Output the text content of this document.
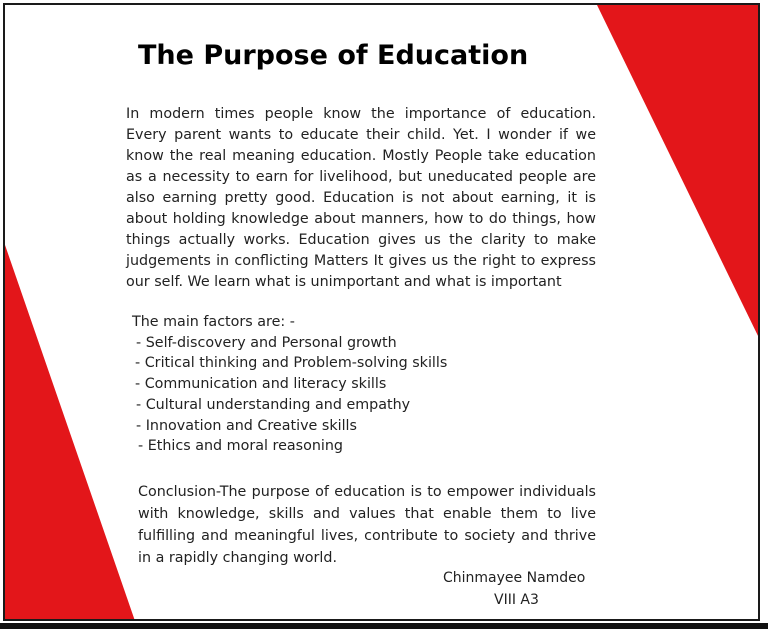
The Purpose of Education
In modern times people know the importance of education. Every parent wants to educate their child. Yet. I wonder if we know the real meaning education. Mostly People take education as a necessity to earn for livelihood, but uneducated people are also earning pretty good. Education is not about earning, it is about holding knowledge about manners, how to do things, how things actually works. Education gives us the clarity to make judgements in conflicting Matters It gives us the right to express our self. We learn what is unimportant and what is important
The main factors are: -
- Self-discovery and Personal growth
- Critical thinking and Problem-solving skills
- Communication and literacy skills
- Cultural understanding and empathy
- Innovation and Creative skills
- Ethics and moral reasoning
Conclusion-The purpose of education is to empower individuals with knowledge, skills and values that enable them to live fulfilling and meaningful lives, contribute to society and thrive in a rapidly changing world.
Chinmayee Namdeo
VIII A3
